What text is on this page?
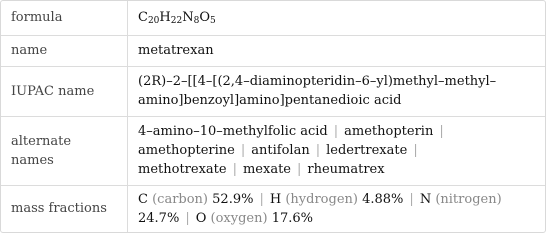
formula	$C_{20}H_{22}N_8O_5$
name	metatrexan
IUPAC name	(2R)–2–[[4–[(2,4–diaminopteridin–6–yl)methyl–methyl–
amino]benzoyl]amino]pentanedioic acid
alternate names	4–amino–10–methylfolic acid | amethopterin |
amethopterine | antifolan | ledertrexate |
methotrexate | mexate | rheumatrex
mass fractions	C (carbon) 52.9% | H (hydrogen) 4.88% | N (nitrogen)
24.7% | O (oxygen) 17.6%
